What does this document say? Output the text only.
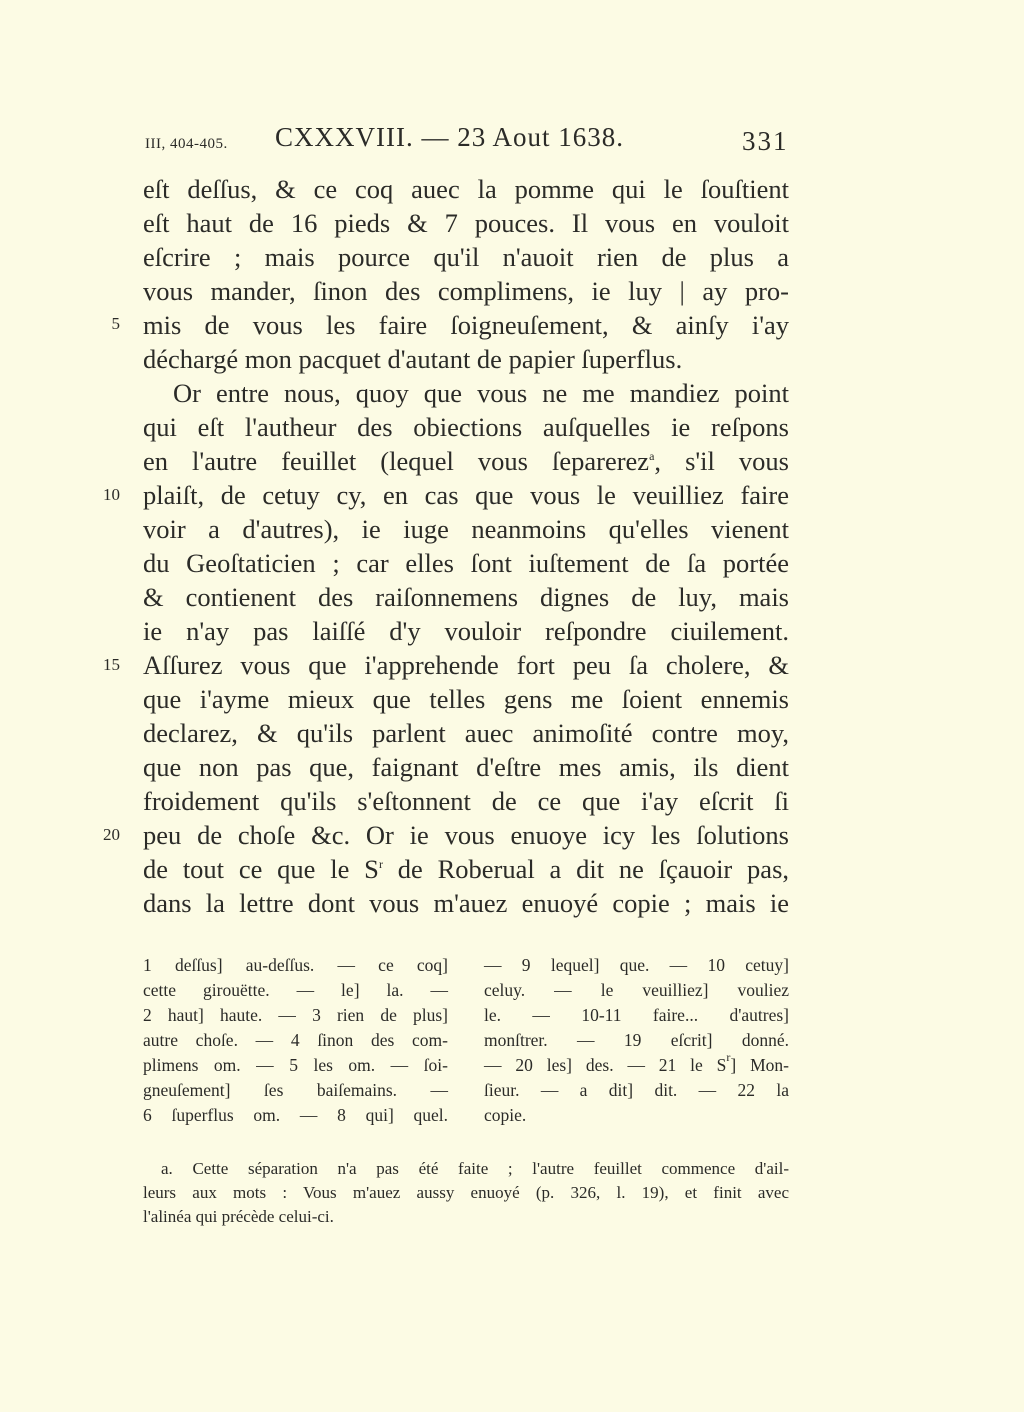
III, 404-405. CXXXVIII. — 23 Aout 1638.	331
5
10
15
20
eſt deſſus, & ce coq auec la pomme qui le ſouſtient
eſt haut de 16 pieds & 7 pouces. Il vous en vouloit
eſcrire ; mais pource qu'il n'auoit rien de plus a
vous mander, ſinon des complimens, ie luy | ay pro-
mis de vous les faire ſoigneuſement, & ainſy i'ay
déchargé mon pacquet d'autant de papier ſuperflus.
Or entre nous, quoy que vous ne me mandiez point
qui eſt l'autheur des obiections auſquelles ie reſpons
en l'autre feuillet (lequel vous ſeparerez$^a$, s'il vous
plaiſt, de cetuy cy, en cas que vous le veuilliez faire
voir a d'autres), ie iuge neanmoins qu'elles vienent
du Geoſtaticien ; car elles ſont iuſtement de ſa portée
& contienent des raiſonnemens dignes de luy, mais
ie n'ay pas laiſſé d'y vouloir reſpondre ciuilement.
Aſſurez vous que i'apprehende fort peu ſa cholere, &
que i'ayme mieux que telles gens me ſoient ennemis
declarez, & qu'ils parlent auec animoſité contre moy,
que non pas que, faignant d'eſtre mes amis, ils dient
froidement qu'ils s'eſtonnent de ce que i'ay eſcrit ſi
peu de choſe &c. Or ie vous enuoye icy les ſolutions
de tout ce que le $S^r$ de Roberual a dit ne ſçauoir pas,
dans la lettre dont vous m'auez enuoyé copie ; mais ie
1 deſſus] au-deſſus. — ce coq]
cette girouëtte. — le] la. —
2 haut] haute. — 3 rien de plus]
autre choſe. — 4 ſinon des com-
plimens om. — 5 les om. — ſoi-
gneuſement] ſes baiſemains. —
6 ſuperflus om. — 8 qui] quel.
— 9 lequel] que. — 10 cetuy]
celuy. — le veuilliez] vouliez
le. — 10-11 faire... d'autres]
monſtrer. — 19 eſcrit] donné.
— 20 les] des. — 21 le $S^r$] Mon-
ſieur. — a dit] dit. — 22 la
copie.
a. Cette séparation n'a pas été faite ; l'autre feuillet commence d'ail-
leurs aux mots : Vous m'auez aussy enuoyé (p. 326, l. 19), et finit avec
l'alinéa qui précède celui-ci.
